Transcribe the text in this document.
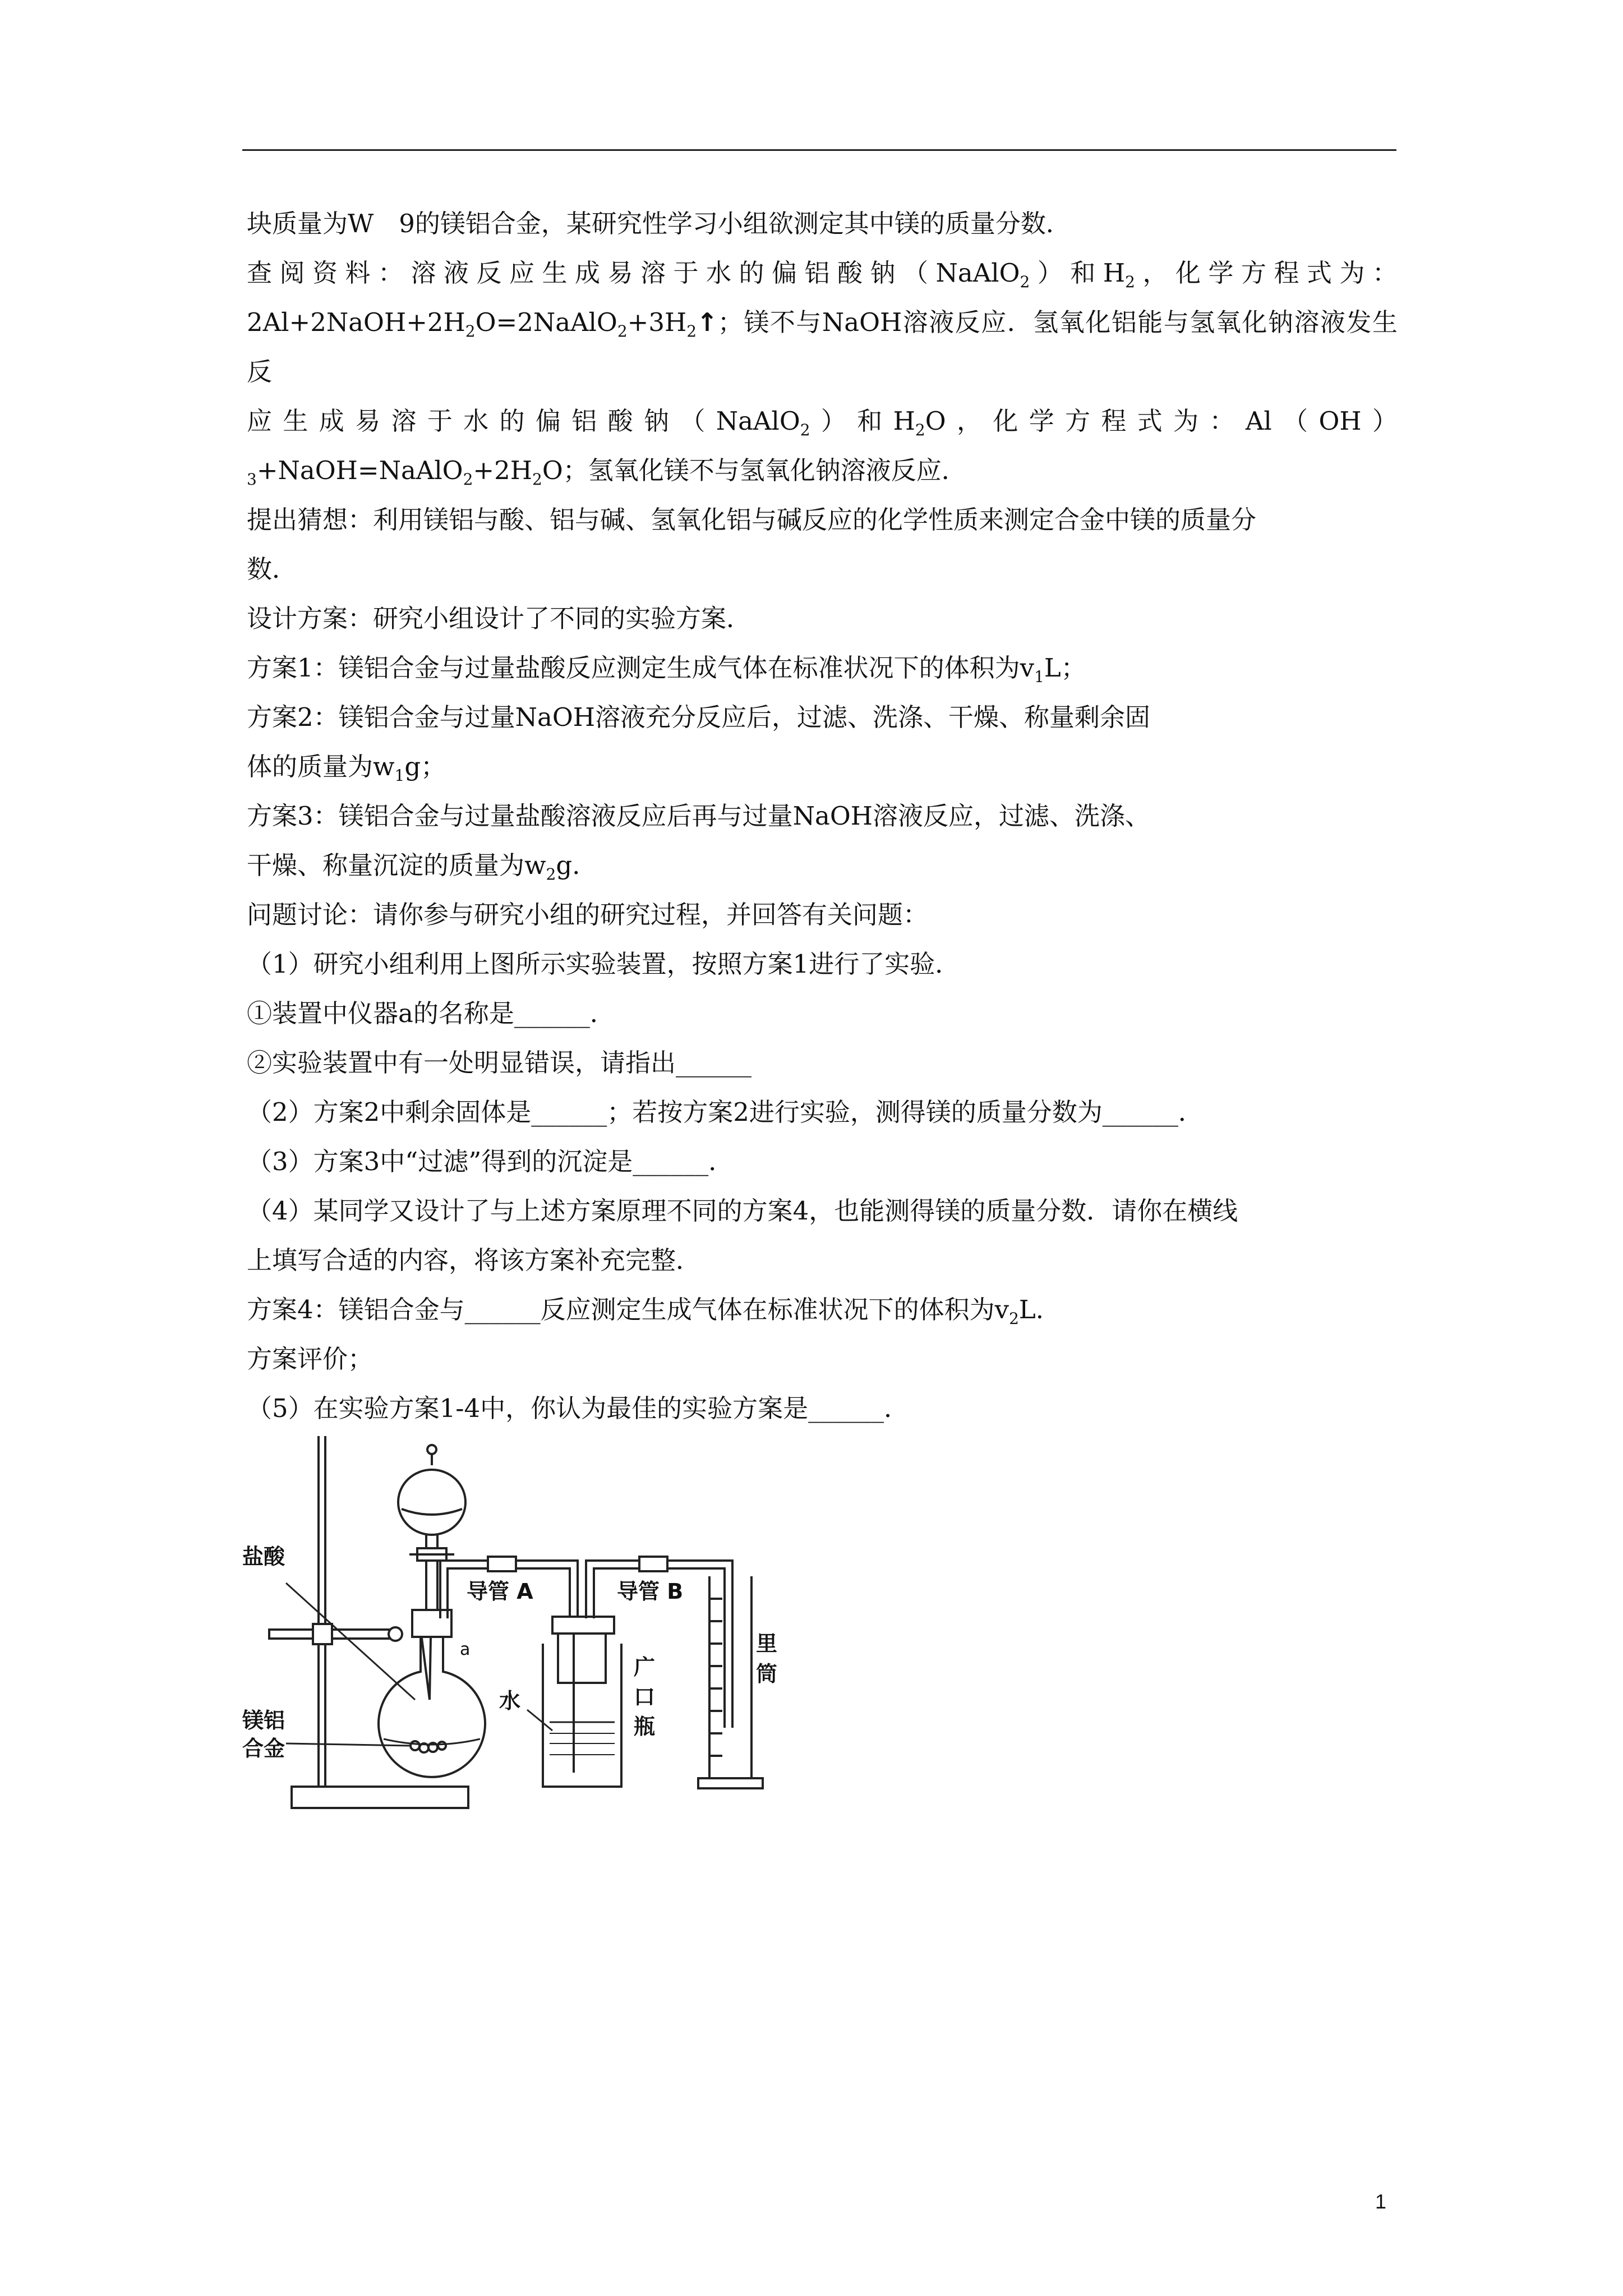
块质量为W　9的镁铝合金，某研究性学习小组欲测定其中镁的质量分数．
查阅资料：溶液反应生成易溶于水的偏铝酸钠（NaAlO$_2$）和$H_2$，化学方程式为：
$2Al+2NaOH+2H_2O=2NaAlO_2+3H_2↑$；镁不与NaOH溶液反应．氢氧化铝能与氢氧化钠溶液发生反
应生成易溶于水的偏铝酸钠（NaAlO$_2$）和$H_2O$，化学方程式为：Al（OH）
$_3+NaOH=NaAlO_2+2H_2O$；氢氧化镁不与氢氧化钠溶液反应．
提出猜想：利用镁铝与酸、铝与碱、氢氧化铝与碱反应的化学性质来测定合金中镁的质量分
数．
设计方案：研究小组设计了不同的实验方案．
方案1：镁铝合金与过量盐酸反应测定生成气体在标准状况下的体积为$v_1L$；
方案2：镁铝合金与过量NaOH溶液充分反应后，过滤、洗涤、干燥、称量剩余固
体的质量为$w_1g$；
方案3：镁铝合金与过量盐酸溶液反应后再与过量NaOH溶液反应，过滤、洗涤、
干燥、称量沉淀的质量为$w_2g$.
问题讨论：请你参与研究小组的研究过程，并回答有关问题：
（1）研究小组利用上图所示实验装置，按照方案1进行了实验．
①装置中仪器a的名称是______．
②实验装置中有一处明显错误，请指出______
（2）方案2中剩余固体是______；若按方案2进行实验，测得镁的质量分数为______．
（3）方案3中“过滤”得到的沉淀是______．
（4）某同学又设计了与上述方案原理不同的方案4，也能测得镁的质量分数．请你在横线
上填写合适的内容，将该方案补充完整．
方案4：镁铝合金与______反应测定生成气体在标准状况下的体积为$v_2L$.
方案评价；
（5）在实验方案1-4中，你认为最佳的实验方案是______．
盐酸
导管 A	导管 B
a
水
广
口
瓶
镁铝
合金
里
筒
1
